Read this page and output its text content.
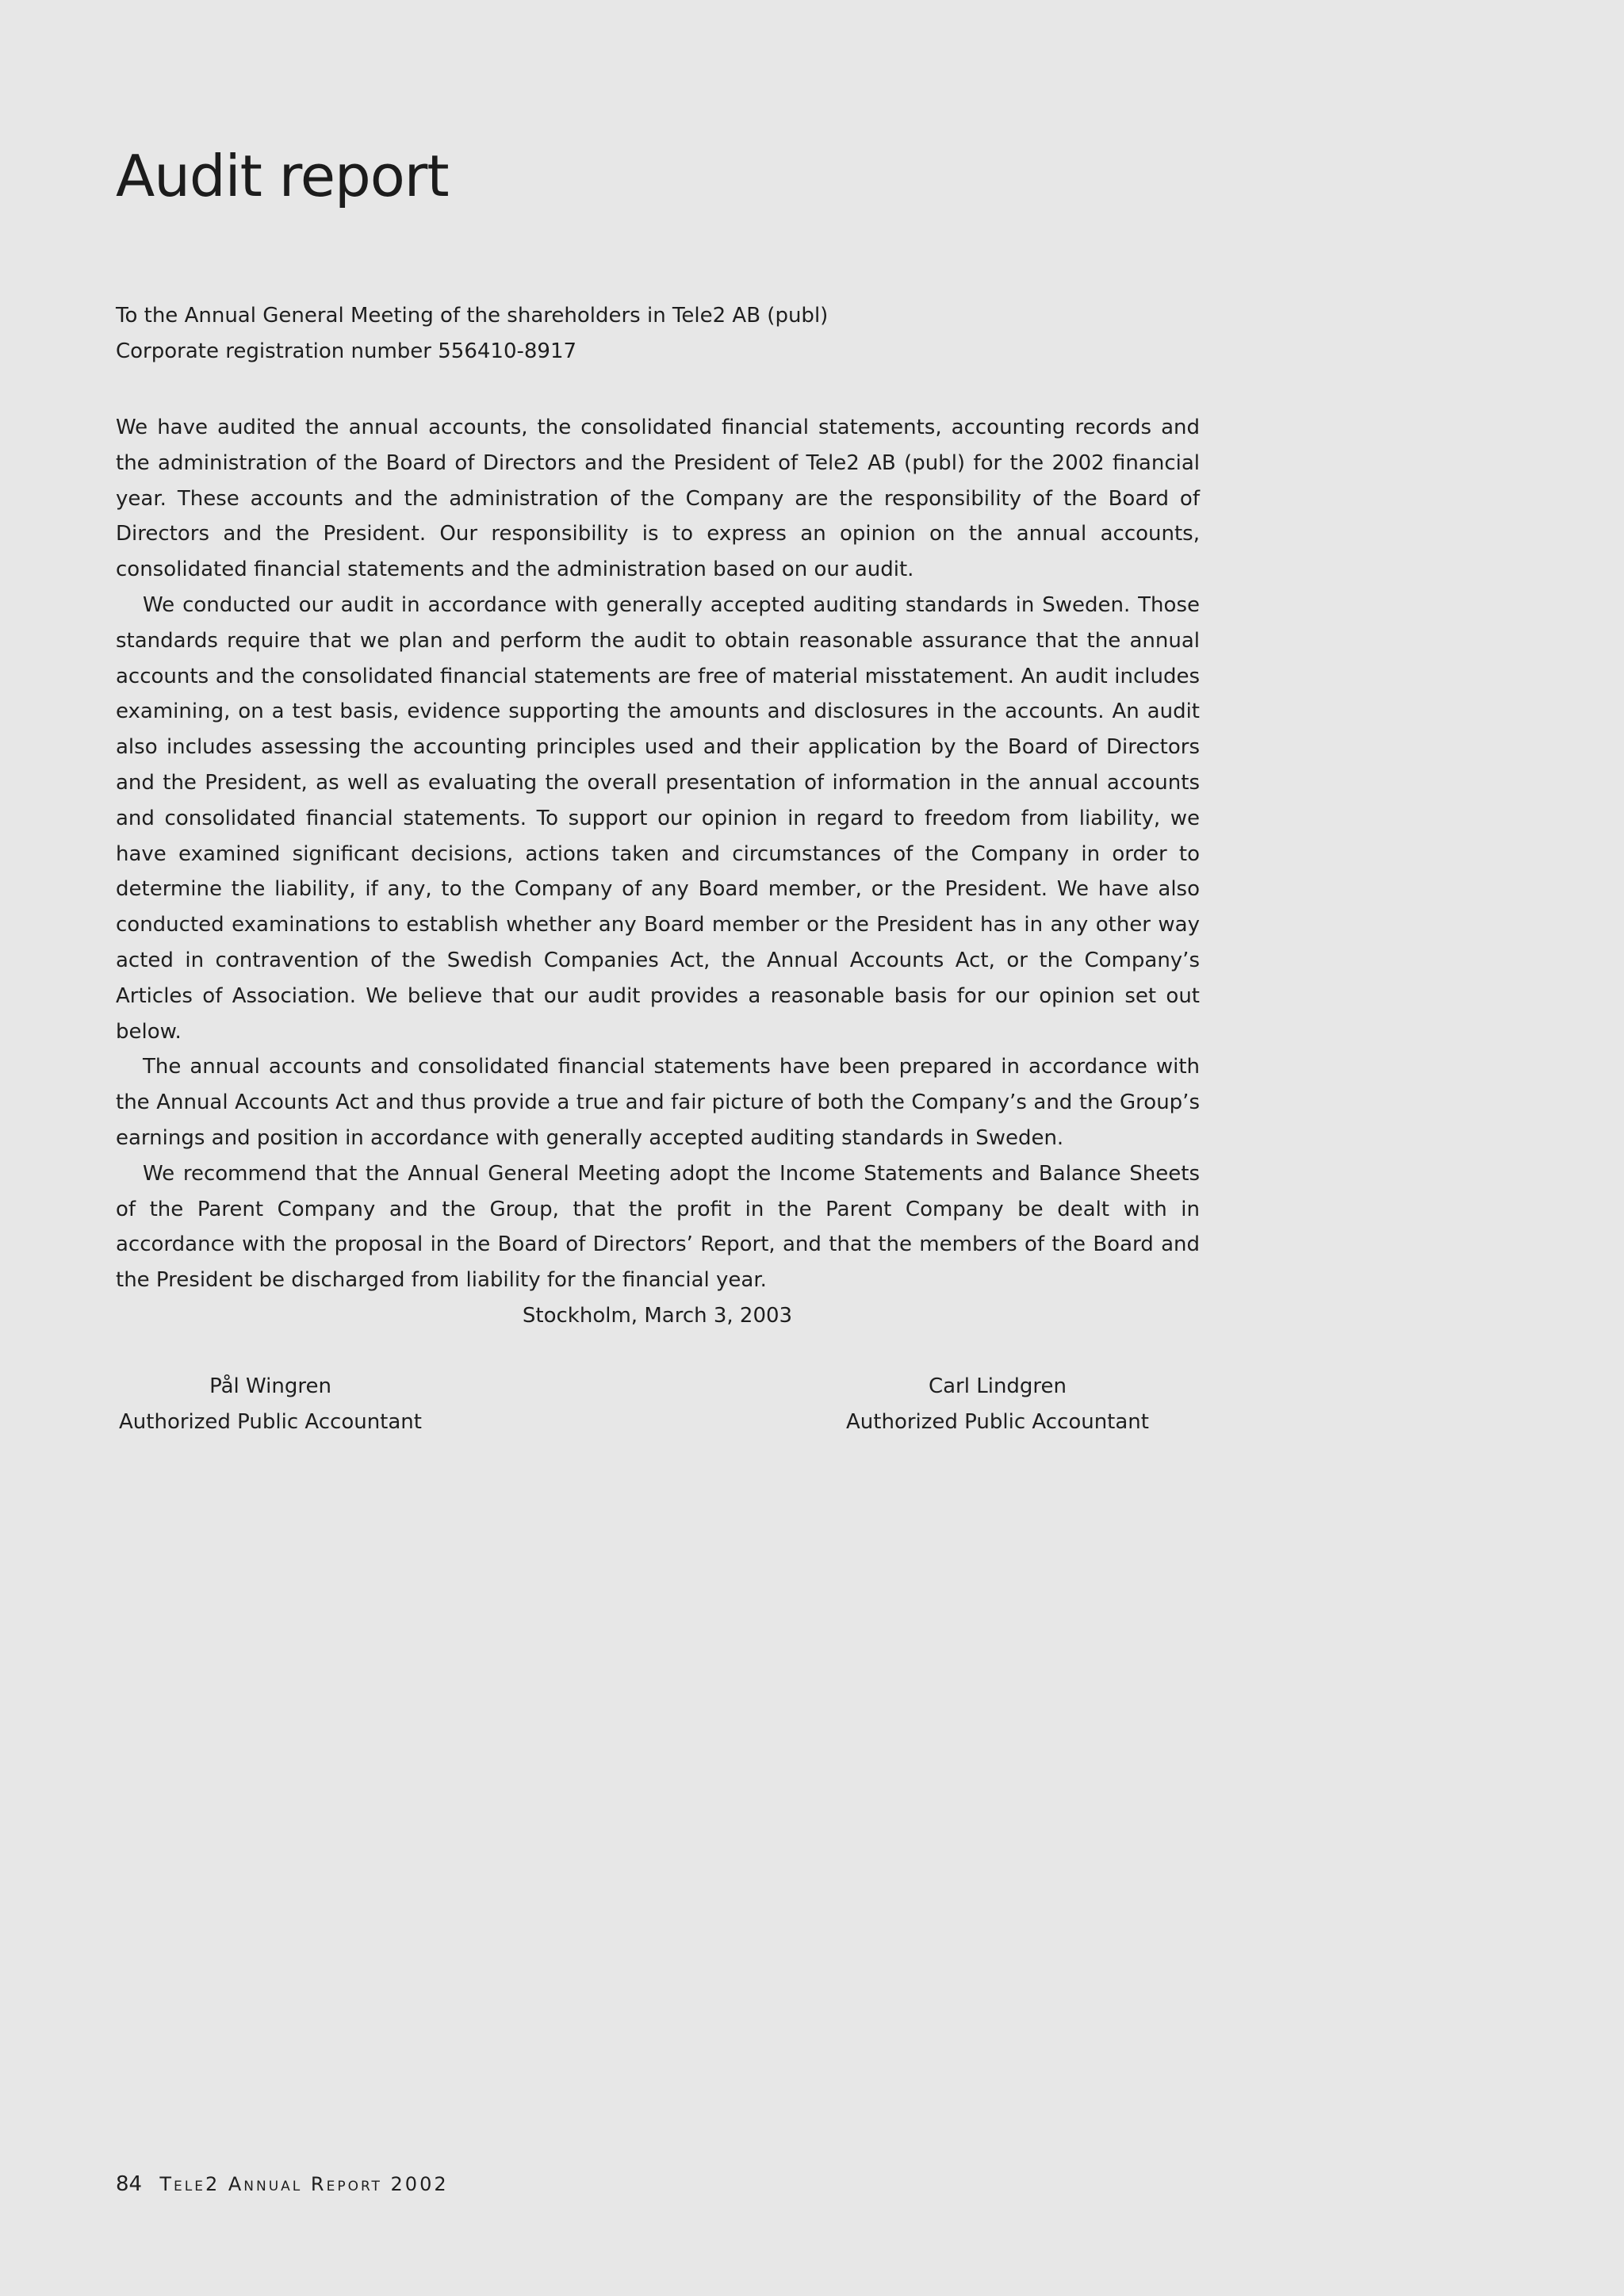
Audit report
To the Annual General Meeting of the shareholders in Tele2 AB (publ)
Corporate registration number 556410-8917

We have audited the annual accounts, the consolidated financial statements, accounting records and the administration of the Board of Directors and the President of Tele2 AB (publ) for the 2002 financial year. These accounts and the administration of the Company are the responsibility of the Board of Directors and the President. Our responsibility is to express an opinion on the annual accounts, consolidated financial statements and the administration based on our audit.

We conducted our audit in accordance with generally accepted auditing standards in Sweden. Those standards require that we plan and perform the audit to obtain reasonable assurance that the annual accounts and the consolidated financial statements are free of material misstatement. An audit includes examining, on a test basis, evidence supporting the amounts and disclosures in the accounts. An audit also includes assessing the accounting principles used and their application by the Board of Directors and the President, as well as evaluating the overall presentation of information in the annual accounts and consolidated financial statements. To support our opinion in regard to freedom from liability, we have examined significant decisions, actions taken and circumstances of the Company in order to determine the liability, if any, to the Company of any Board member, or the President. We have also conducted examinations to establish whether any Board member or the President has in any other way acted in contravention of the Swedish Companies Act, the Annual Accounts Act, or the Company’s Articles of Association. We believe that our audit provides a reasonable basis for our opinion set out below.

The annual accounts and consolidated financial statements have been prepared in accordance with the Annual Accounts Act and thus provide a true and fair picture of both the Company’s and the Group’s earnings and position in accordance with generally accepted auditing standards in Sweden.

We recommend that the Annual General Meeting adopt the Income Statements and Balance Sheets of the Parent Company and the Group, that the profit in the Parent Company be dealt with in accordance with the proposal in the Board of Directors’ Report, and that the members of the Board and the President be discharged from liability for the financial year.

Stockholm, March 3, 2003
Pål Wingren
Authorized Public Accountant
Carl Lindgren
Authorized Public Accountant
84 Tele2 Annual Report 2002
